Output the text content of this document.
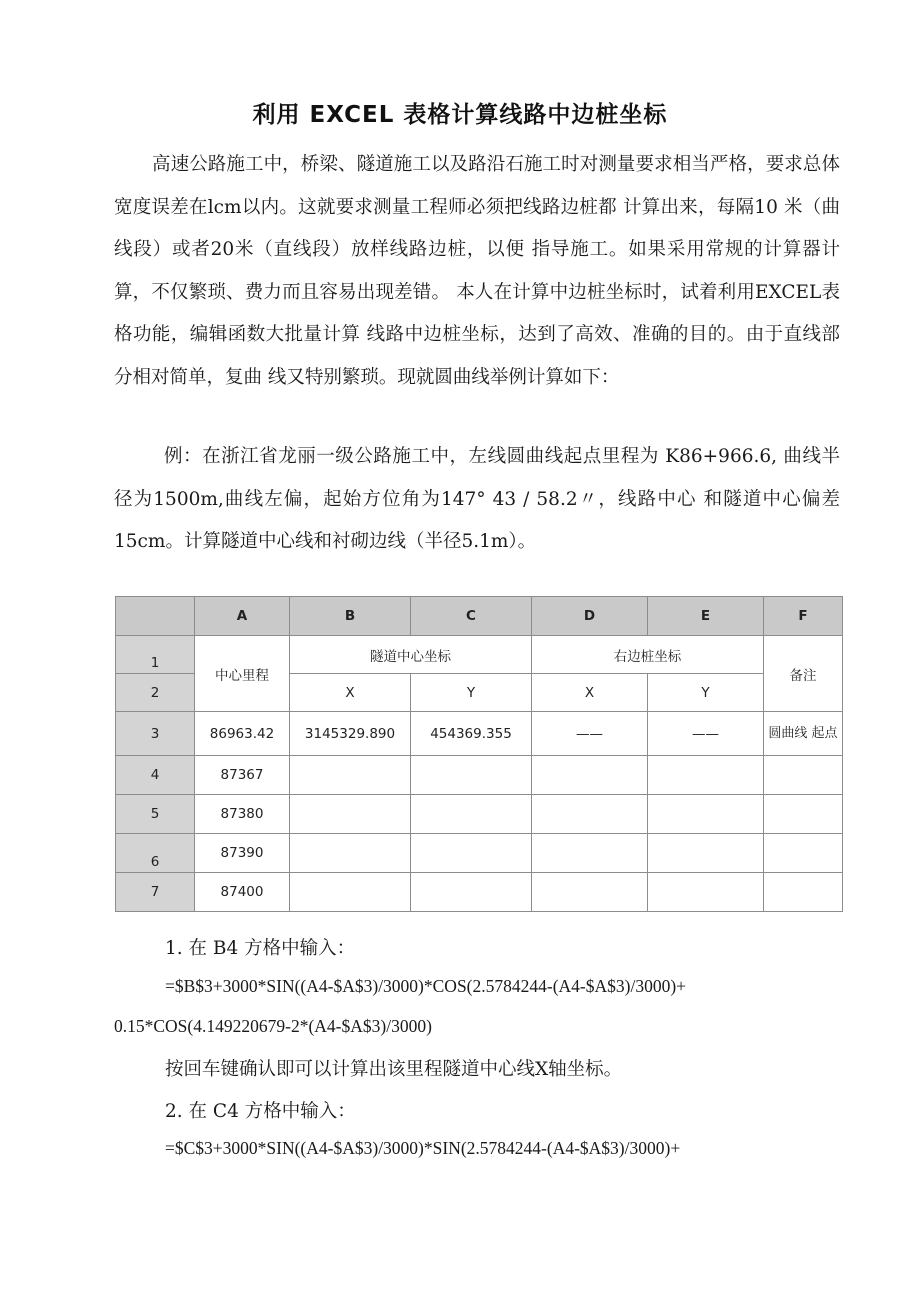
利用 EXCEL 表格计算线路中边桩坐标

高速公路施工中，桥梁、隧道施工以及路沿石施工时对测量要求相当严格，要求总体宽度误差在lcm以内。这就要求测量工程师必须把线路边桩都 计算出来，每隔10 米（曲线段）或者20米（直线段）放样线路边桩，以便 指导施工。如果采用常规的计算器计算，不仅繁琐、费力而且容易出现差错。 本人在计算中边桩坐标时，试着利用EXCEL表格功能，编辑函数大批量计算 线路中边桩坐标，达到了高效、准确的目的。由于直线部分相对简单，复曲 线又特别繁琐。现就圆曲线举例计算如下：

例：在浙江省龙丽一级公路施工中，左线圆曲线起点里程为 K86+966.6, 曲线半径为1500m,曲线左偏，起始方位角为147° 43 / 58.2〃，线路中心 和隧道中心偏差15cm。计算隧道中心线和衬砌边线（半径5.1m）。

	A	B	C	D	E	F

1	中心里程	隧道中心坐标		右边桩坐标		备注
2		X	Y	X	Y	
3	86963.42	3145329.890	454369.355	——	——	圆曲线 起点
4	87367					
5	87380					

6	87390					
7	87400					

1. 在 B4 方格中输入：

=$B$3+3000*SIN((A4-$A$3)/3000)*COS(2.5784244-(A4-$A$3)/3000)+

0.15*COS(4.149220679-2*(A4-$A$3)/3000)

按回车键确认即可以计算出该里程隧道中心线X轴坐标。

2. 在 C4 方格中输入：

=$C$3+3000*SIN((A4-$A$3)/3000)*SIN(2.5784244-(A4-$A$3)/3000)+
